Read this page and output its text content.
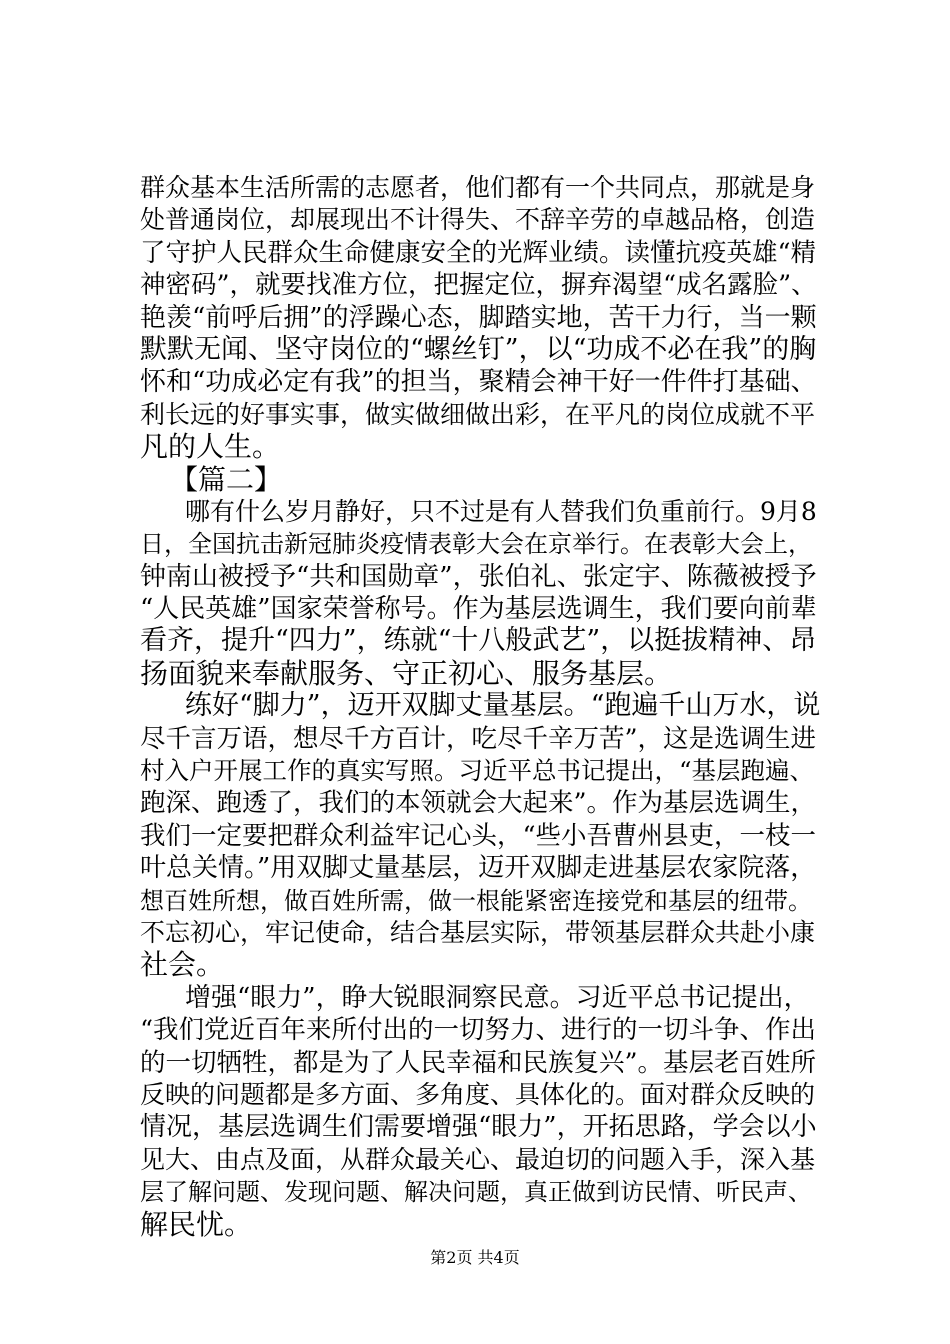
群众基本生活所需的志愿者，他们都有一个共同点，那就是身
处普通岗位，却展现出不计得失、不辞辛劳的卓越品格，创造
了守护人民群众生命健康安全的光辉业绩。读懂抗疫英雄“精
神密码”，就要找准方位，把握定位，摒弃渴望“成名露脸”、
艳羡“前呼后拥”的浮躁心态，脚踏实地，苦干力行，当一颗
默默无闻、坚守岗位的“螺丝钉”，以“功成不必在我”的胸
怀和“功成必定有我”的担当，聚精会神干好一件件打基础、
利长远的好事实事，做实做细做出彩，在平凡的岗位成就不平
凡的人生。
【篇二】
哪有什么岁月静好，只不过是有人替我们负重前行。9月8
日，全国抗击新冠肺炎疫情表彰大会在京举行。在表彰大会上，
钟南山被授予“共和国勋章”，张伯礼、张定宇、陈薇被授予
“人民英雄”国家荣誉称号。作为基层选调生，我们要向前辈
看齐，提升“四力”，练就“十八般武艺”，以挺拔精神、昂
扬面貌来奉献服务、守正初心、服务基层。
练好“脚力”，迈开双脚丈量基层。“跑遍千山万水，说
尽千言万语，想尽千方百计，吃尽千辛万苦”，这是选调生进
村入户开展工作的真实写照。习近平总书记提出，“基层跑遍、
跑深、跑透了，我们的本领就会大起来”。作为基层选调生，
我们一定要把群众利益牢记心头，“些小吾曹州县吏，一枝一
叶总关情。”用双脚丈量基层，迈开双脚走进基层农家院落，
想百姓所想，做百姓所需，做一根能紧密连接党和基层的纽带。
不忘初心，牢记使命，结合基层实际，带领基层群众共赴小康
社会。
增强“眼力”，睁大锐眼洞察民意。习近平总书记提出，
“我们党近百年来所付出的一切努力、进行的一切斗争、作出
的一切牺牲，都是为了人民幸福和民族复兴”。基层老百姓所
反映的问题都是多方面、多角度、具体化的。面对群众反映的
情况，基层选调生们需要增强“眼力”，开拓思路，学会以小
见大、由点及面，从群众最关心、最迫切的问题入手，深入基
层了解问题、发现问题、解决问题，真正做到访民情、听民声、
解民忧。
第2页 共4页
